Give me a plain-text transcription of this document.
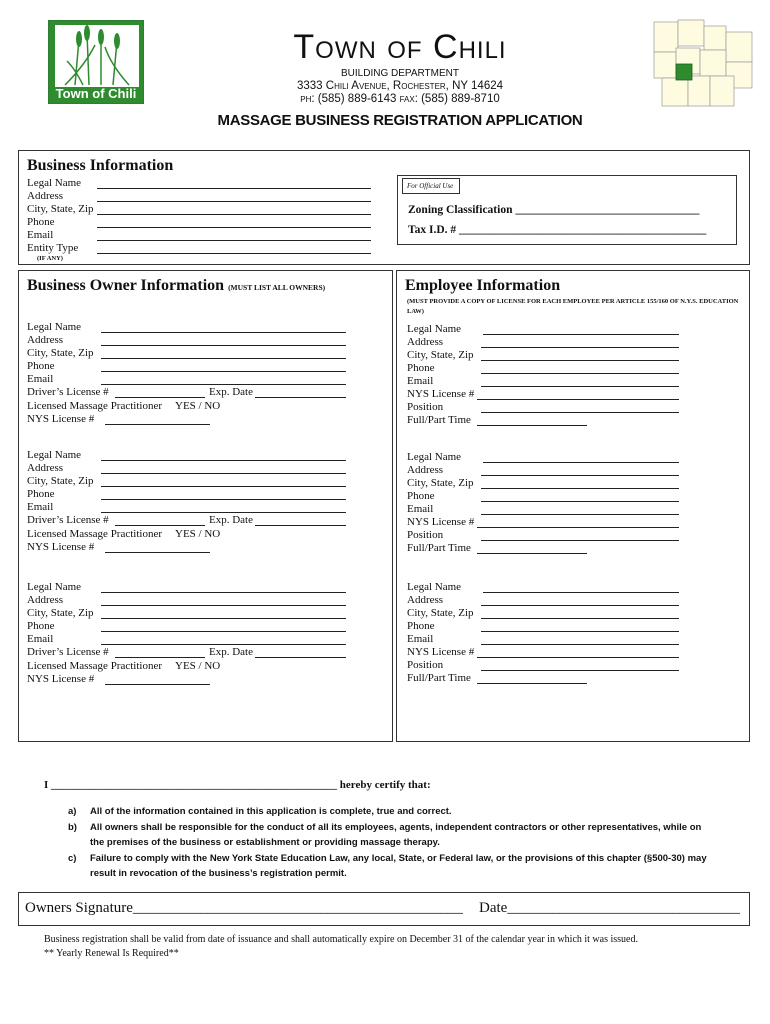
Town of Chili
Town of Chili
BUILDING DEPARTMENT
3333 Chili Avenue, Rochester, NY 14624
ph: (585) 889-6143 fax: (585) 889-8710
MASSAGE BUSINESS REGISTRATION APPLICATION
Business Information
Legal Name
Address
City, State, Zip
Phone
Email
Entity Type
(IF ANY)
For Official Use
Zoning Classification ________________________________
Tax I.D. # ___________________________________________
Business Owner Information (MUST LIST ALL OWNERS)
Legal Name
Address
City, State, Zip
Phone
Email
Driver’s License #	Exp. Date
Licensed Massage Practitioner YES / NO
NYS License #
Legal Name
Address
City, State, Zip
Phone
Email
Driver’s License #	Exp. Date
Licensed Massage Practitioner YES / NO
NYS License #
Legal Name
Address
City, State, Zip
Phone
Email
Driver’s License #	Exp. Date
Licensed Massage Practitioner YES / NO
NYS License #
Employee Information
(MUST PROVIDE A COPY OF LICENSE FOR EACH EMPLOYEE PER ARTICLE 155/160 OF N.Y.S. EDUCATION LAW)
Legal Name
Address
City, State, Zip
Phone
Email
NYS License #
Position
Full/Part Time
Legal Name
Address
City, State, Zip
Phone
Email
NYS License #
Position
Full/Part Time
Legal Name
Address
City, State, Zip
Phone
Email
NYS License #
Position
Full/Part Time
I ____________________________________________________ hereby certify that:
a) All of the information contained in this application is complete, true and correct.
b) All owners shall be responsible for the conduct of all its employees, agents, independent contractors or other representatives, while on the premises of the business or establishment or providing massage therapy.
c) Failure to comply with the New York State Education Law, any local, State, or Federal law, or the provisions of this chapter (§500-30) may result in revocation of the business’s registration permit.
Owners Signature____________________________________________ Date_______________________________
Business registration shall be valid from date of issuance and shall automatically expire on December 31 of the calendar year in which it was issued.
** Yearly Renewal Is Required**
